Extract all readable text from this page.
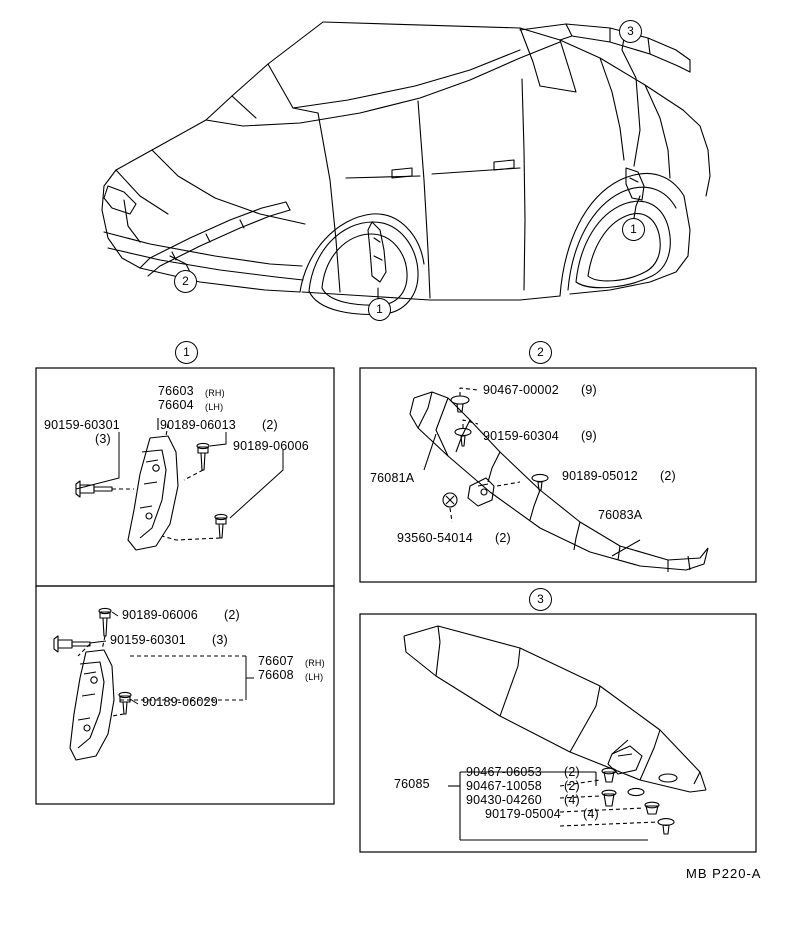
3
1
1
2
1	2
3
76603 (RH)
76604 (LH)
90159-60301
(3)
90189-06013 (2)
90189-06006
90189-06006 (2)
90159-60301 (3)
90189-06029
76607 (RH)
76608 (LH)
90467-00002 (9)
90159-60304 (9)
90189-05012 (2)
93560-54014 (2)
76081A
76083A
76085
90467-06053 (2)
90467-10058 (2)
90430-04260 (4)
90179-05004 (4)
MB P220-A
